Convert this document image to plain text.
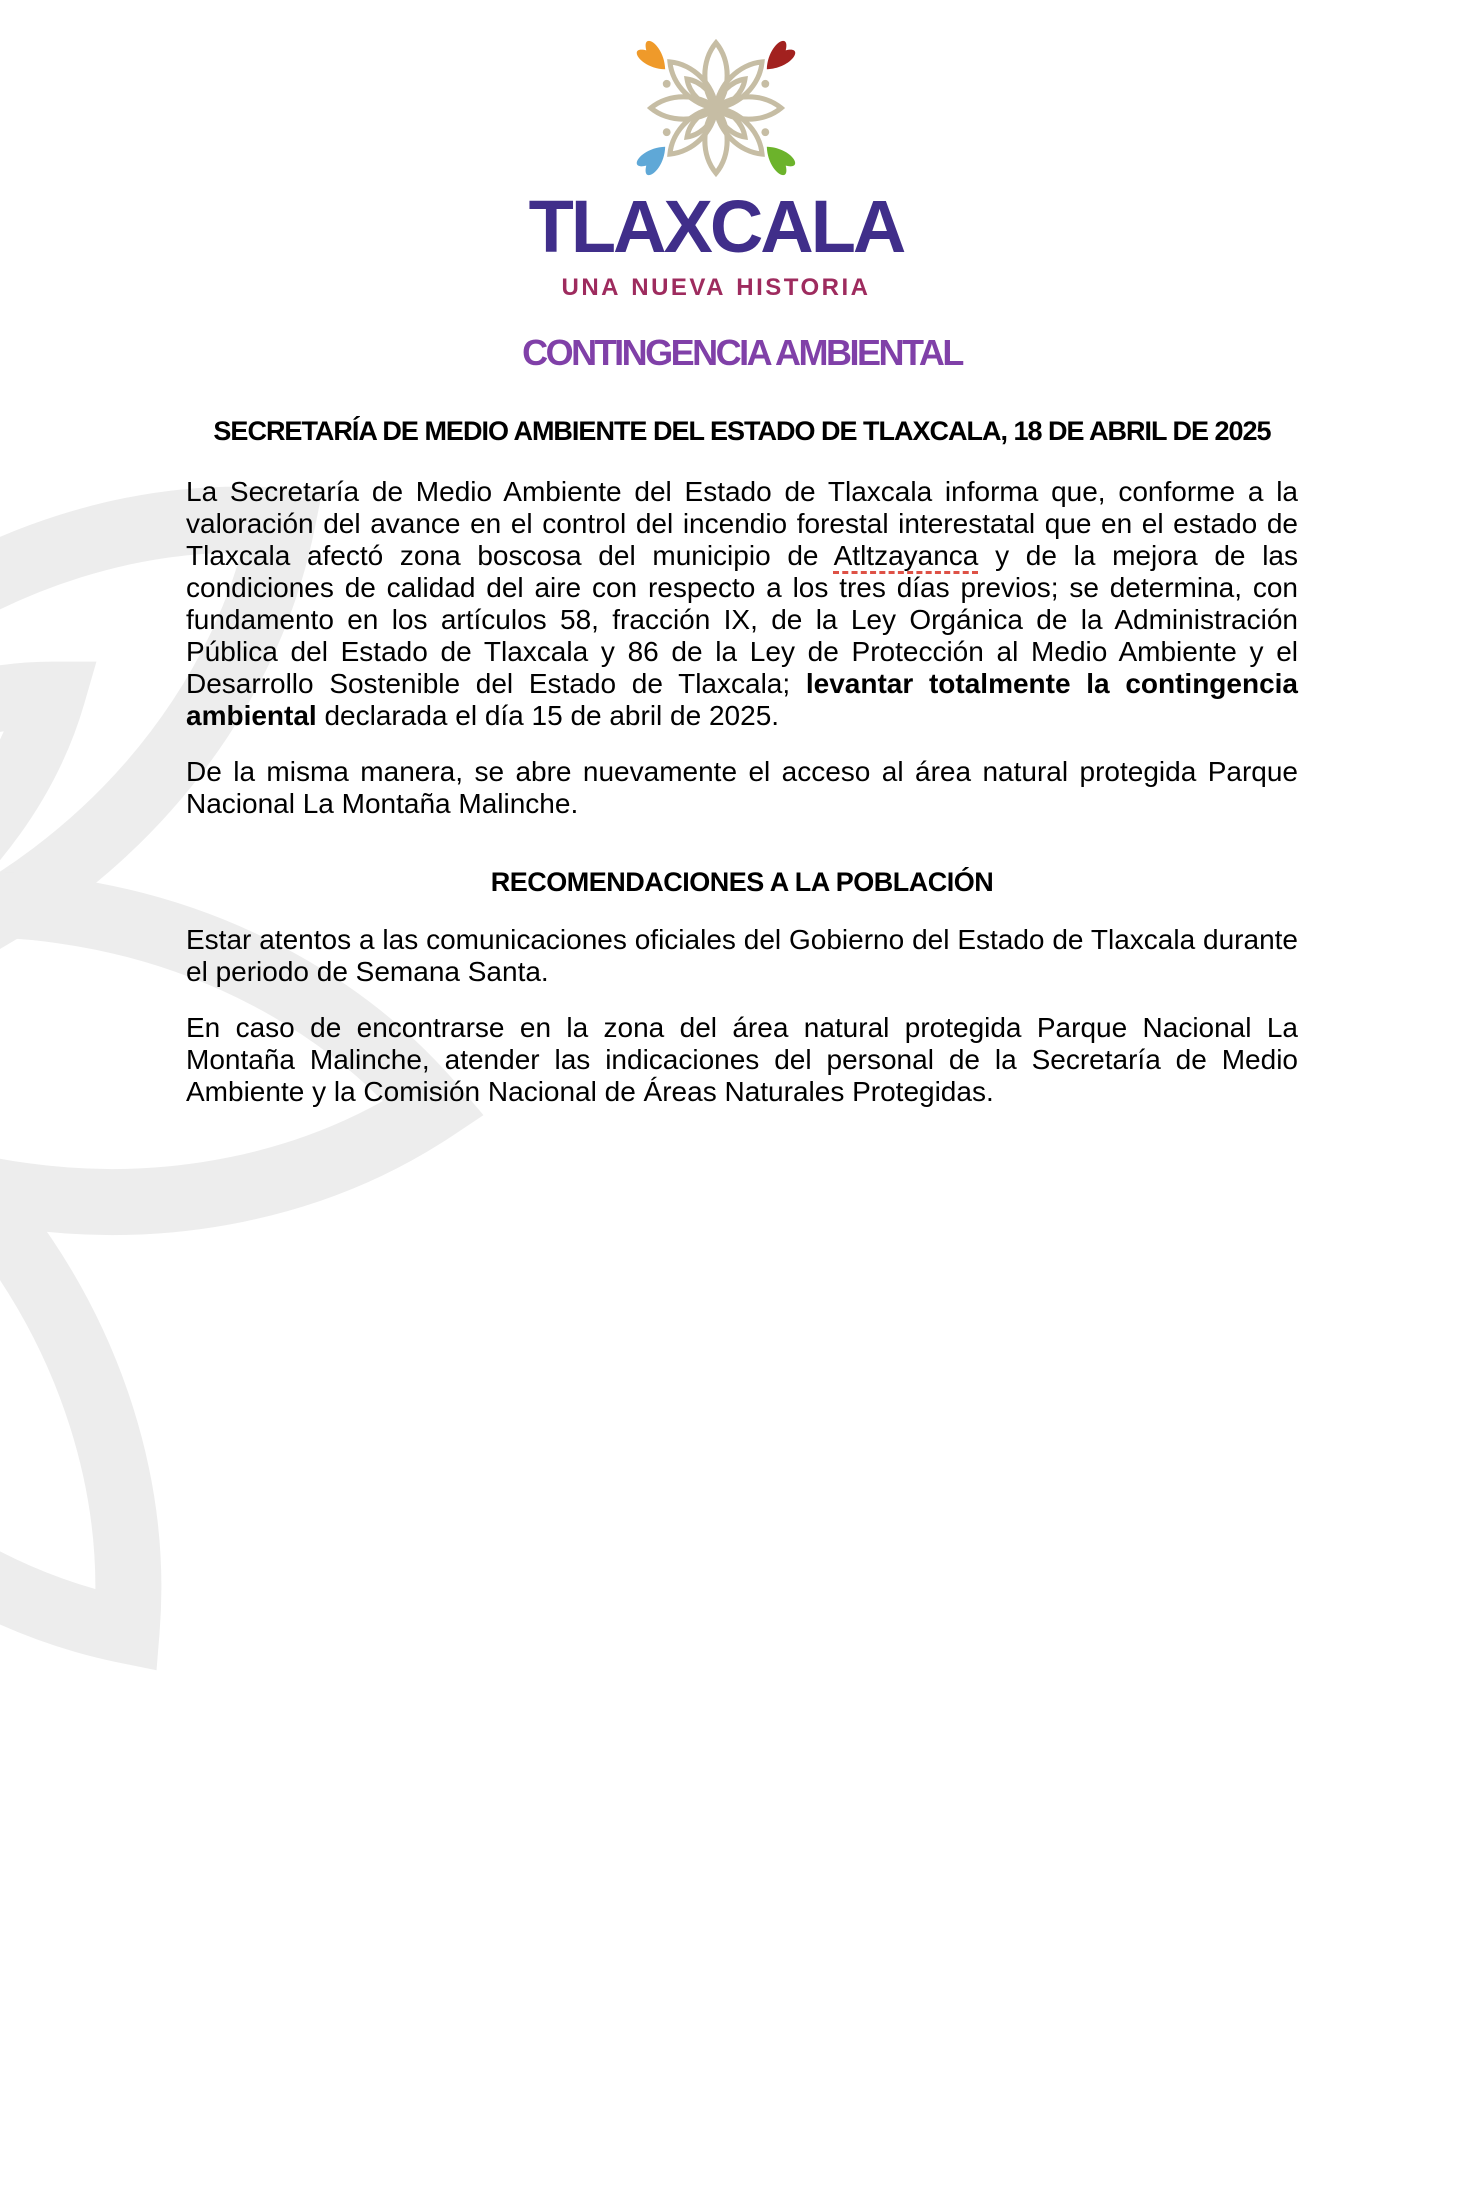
TLAXCALA
UNA NUEVA HISTORIA
CONTINGENCIA AMBIENTAL
SECRETARÍA DE MEDIO AMBIENTE DEL ESTADO DE TLAXCALA, 18 DE ABRIL DE 2025

La Secretaría de Medio Ambiente del Estado de Tlaxcala informa que, conforme a la valoración del avance en el control del incendio forestal interestatal que en el estado de Tlaxcala afectó zona boscosa del municipio de Atltzayanca y de la mejora de las condiciones de calidad del aire con respecto a los tres días previos; se determina, con fundamento en los artículos 58, fracción IX, de la Ley Orgánica de la Administración Pública del Estado de Tlaxcala y 86 de la Ley de Protección al Medio Ambiente y el Desarrollo Sostenible del Estado de Tlaxcala; levantar totalmente la contingencia ambiental declarada el día 15 de abril de 2025.

De la misma manera, se abre nuevamente el acceso al área natural protegida Parque Nacional La Montaña Malinche.

RECOMENDACIONES A LA POBLACIÓN

Estar atentos a las comunicaciones oficiales del Gobierno del Estado de Tlaxcala durante el periodo de Semana Santa.

En caso de encontrarse en la zona del área natural protegida Parque Nacional La Montaña Malinche, atender las indicaciones del personal de la Secretaría de Medio Ambiente y la Comisión Nacional de Áreas Naturales Protegidas.
